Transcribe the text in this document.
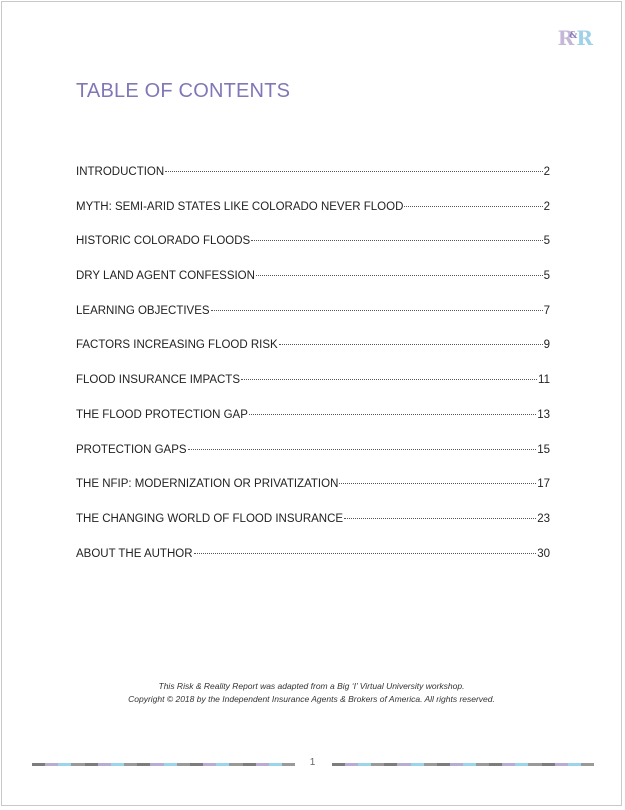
R&R
TABLE OF CONTENTS
INTRODUCTION	2
MYTH: SEMI-ARID STATES LIKE COLORADO NEVER FLOOD	2
HISTORIC COLORADO FLOODS	5
DRY LAND AGENT CONFESSION	5
LEARNING OBJECTIVES	7
FACTORS INCREASING FLOOD RISK	9
FLOOD INSURANCE IMPACTS	11
THE FLOOD PROTECTION GAP	13
PROTECTION GAPS	15
THE NFIP: MODERNIZATION OR PRIVATIZATION	17
THE CHANGING WORLD OF FLOOD INSURANCE	23
ABOUT THE AUTHOR	30
This Risk & Reality Report was adapted from a Big ‘I’ Virtual University workshop.
Copyright © 2018 by the Independent Insurance Agents & Brokers of America. All rights reserved.
1
